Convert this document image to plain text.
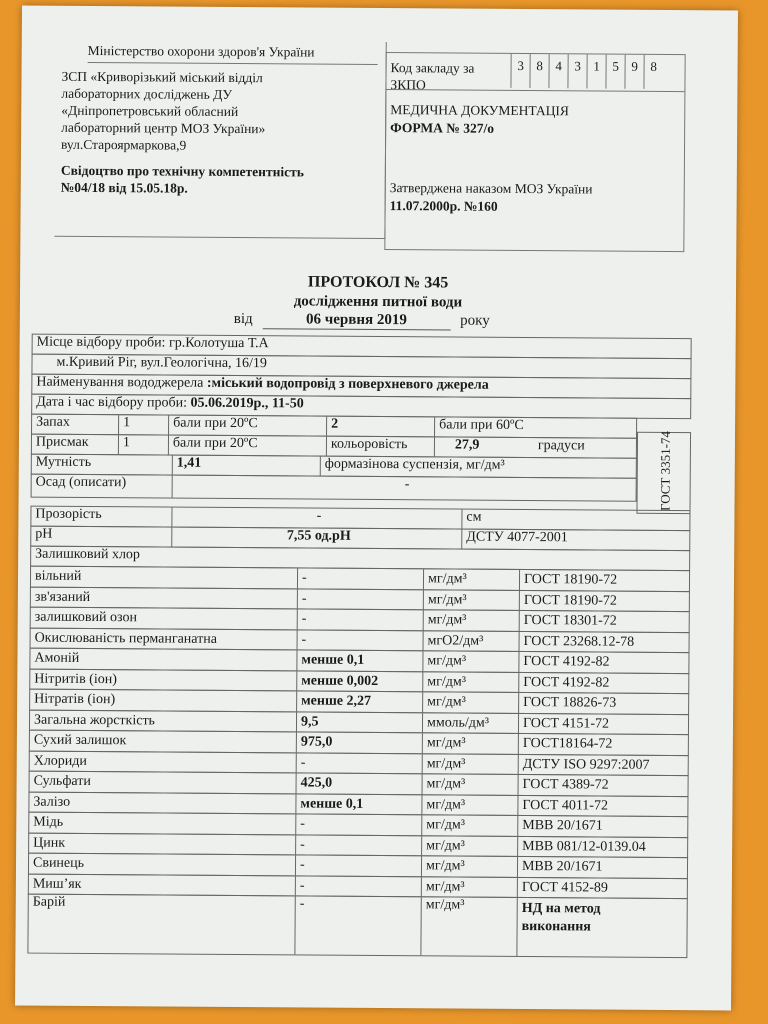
Міністерство охорони здоров'я України
ЗСП «Криворізький міський відділ
лабораторних досліджень ДУ
«Дніпропетровський обласний
лабораторний центр МОЗ України»
вул.Староярмаркова,9
Свідоцтво про технічну компетентність
№04/18 від 15.05.18р.
Код закладу за ЗКПО
3 8 4 3 1 5 9 8
МЕДИЧНА ДОКУМЕНТАЦІЯ
ФОРМА № 327/о
Затверджена наказом МОЗ України
11.07.2000р. №160
ПРОТОКОЛ № 345
дослідження питної води
від	06 червня 2019	року
Місце відбору проби: гр.Колотуша Т.А
м.Кривий Ріг, вул.Геологічна, 16/19
Найменування вододжерела :міський водопровід з поверхневого джерела
Дата і час відбору проби: 05.06.2019р., 11-50
Запах	1	бали при 20ºС	2	бали при 60ºС
Присмак	1	бали при 20ºС	кольоровість	27,9	градуси
Мутність	1,41	формазінова суспензія, мг/дм³
Осад (описати)	-	ГОСТ 3351-74
Прозорість	-	см
pH	7,55 од.рН	ДСТУ 4077-2001
Залишковий хлор
вільний	-	мг/дм³	ГОСТ 18190-72
зв'язаний	-	мг/дм³	ГОСТ 18190-72
залишковий озон	-	мг/дм³	ГОСТ 18301-72
Окислюваність перманганатна	-	мгО2/дм³	ГОСТ 23268.12-78
Амоній	менше 0,1	мг/дм³	ГОСТ 4192-82
Нітритів (іон)	менше 0,002	мг/дм³	ГОСТ 4192-82
Нітратів (іон)	менше 2,27	мг/дм³	ГОСТ 18826-73
Загальна жорсткість	9,5	ммоль/дм³	ГОСТ 4151-72
Сухий залишок	975,0	мг/дм³	ГОСТ18164-72
Хлориди	-	мг/дм³	ДСТУ ISO 9297:2007
Сульфати	425,0	мг/дм³	ГОСТ 4389-72
Залізо	менше 0,1	мг/дм³	ГОСТ 4011-72
Мідь	-	мг/дм³	МВВ 20/1671
Цинк	-	мг/дм³	МВВ 081/12-0139.04
Свинець	-	мг/дм³	МВВ 20/1671
Миш’як	-	мг/дм³	ГОСТ 4152-89
Барій	-	мг/дм³	НД на метод
виконання
